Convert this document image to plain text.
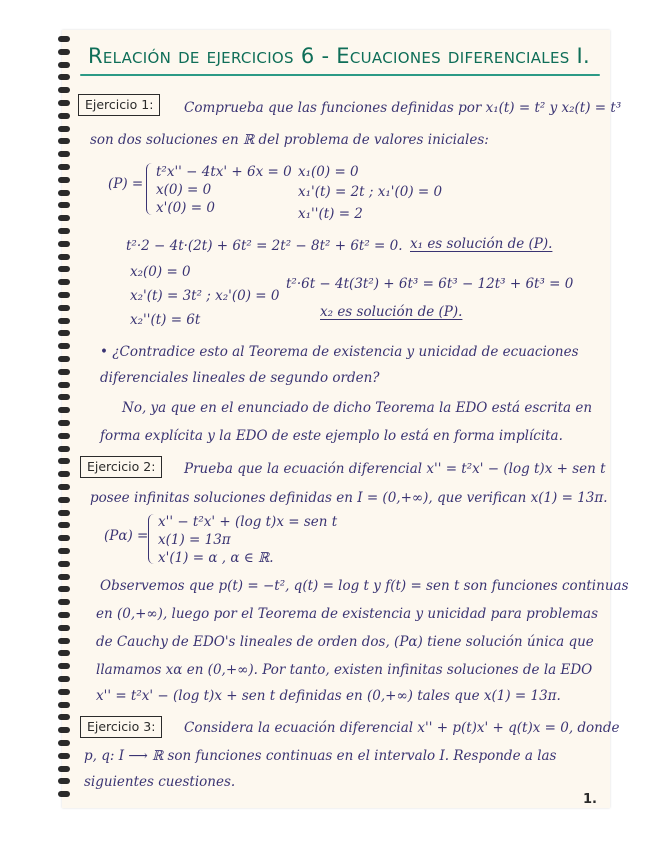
Relación de ejercicios 6 - Ecuaciones diferenciales I.
Ejercicio 1:	Comprueba que las funciones definidas por x₁(t) = t² y x₂(t) = t³
son dos soluciones en ℝ del problema de valores iniciales:
(P) =
t²x'' − 4tx' + 6x = 0
x(0) = 0
x'(0) = 0
x₁(0) = 0
x₁'(t) = 2t ; x₁'(0) = 0
x₁''(t) = 2
t²·2 − 4t·(2t) + 6t² = 2t² − 8t² + 6t² = 0. x₁ es solución de (P).
x₂(0) = 0
x₂'(t) = 3t² ; x₂'(0) = 0
x₂''(t) = 6t
t²·6t − 4t(3t²) + 6t³ = 6t³ − 12t³ + 6t³ = 0
x₂ es solución de (P).
• ¿Contradice esto al Teorema de existencia y unicidad de ecuaciones
diferenciales lineales de segundo orden?
No, ya que en el enunciado de dicho Teorema la EDO está escrita en
forma explícita y la EDO de este ejemplo lo está en forma implícita.
Ejercicio 2:	Prueba que la ecuación diferencial x'' = t²x' − (log t)x + sen t
posee infinitas soluciones definidas en I = (0,+∞), que verifican x(1) = 13π.
(Pα) =
x'' − t²x' + (log t)x = sen t
x(1) = 13π
x'(1) = α , α ∈ ℝ.
Observemos que p(t) = −t², q(t) = log t y f(t) = sen t son funciones continuas
en (0,+∞), luego por el Teorema de existencia y unicidad para problemas
de Cauchy de EDO's lineales de orden dos, (Pα) tiene solución única que
llamamos xα en (0,+∞). Por tanto, existen infinitas soluciones de la EDO
x'' = t²x' − (log t)x + sen t definidas en (0,+∞) tales que x(1) = 13π.
Ejercicio 3:	Considera la ecuación diferencial x'' + p(t)x' + q(t)x = 0, donde
p, q: I ⟶ ℝ son funciones continuas en el intervalo I. Responde a las
siguientes cuestiones.
1.
